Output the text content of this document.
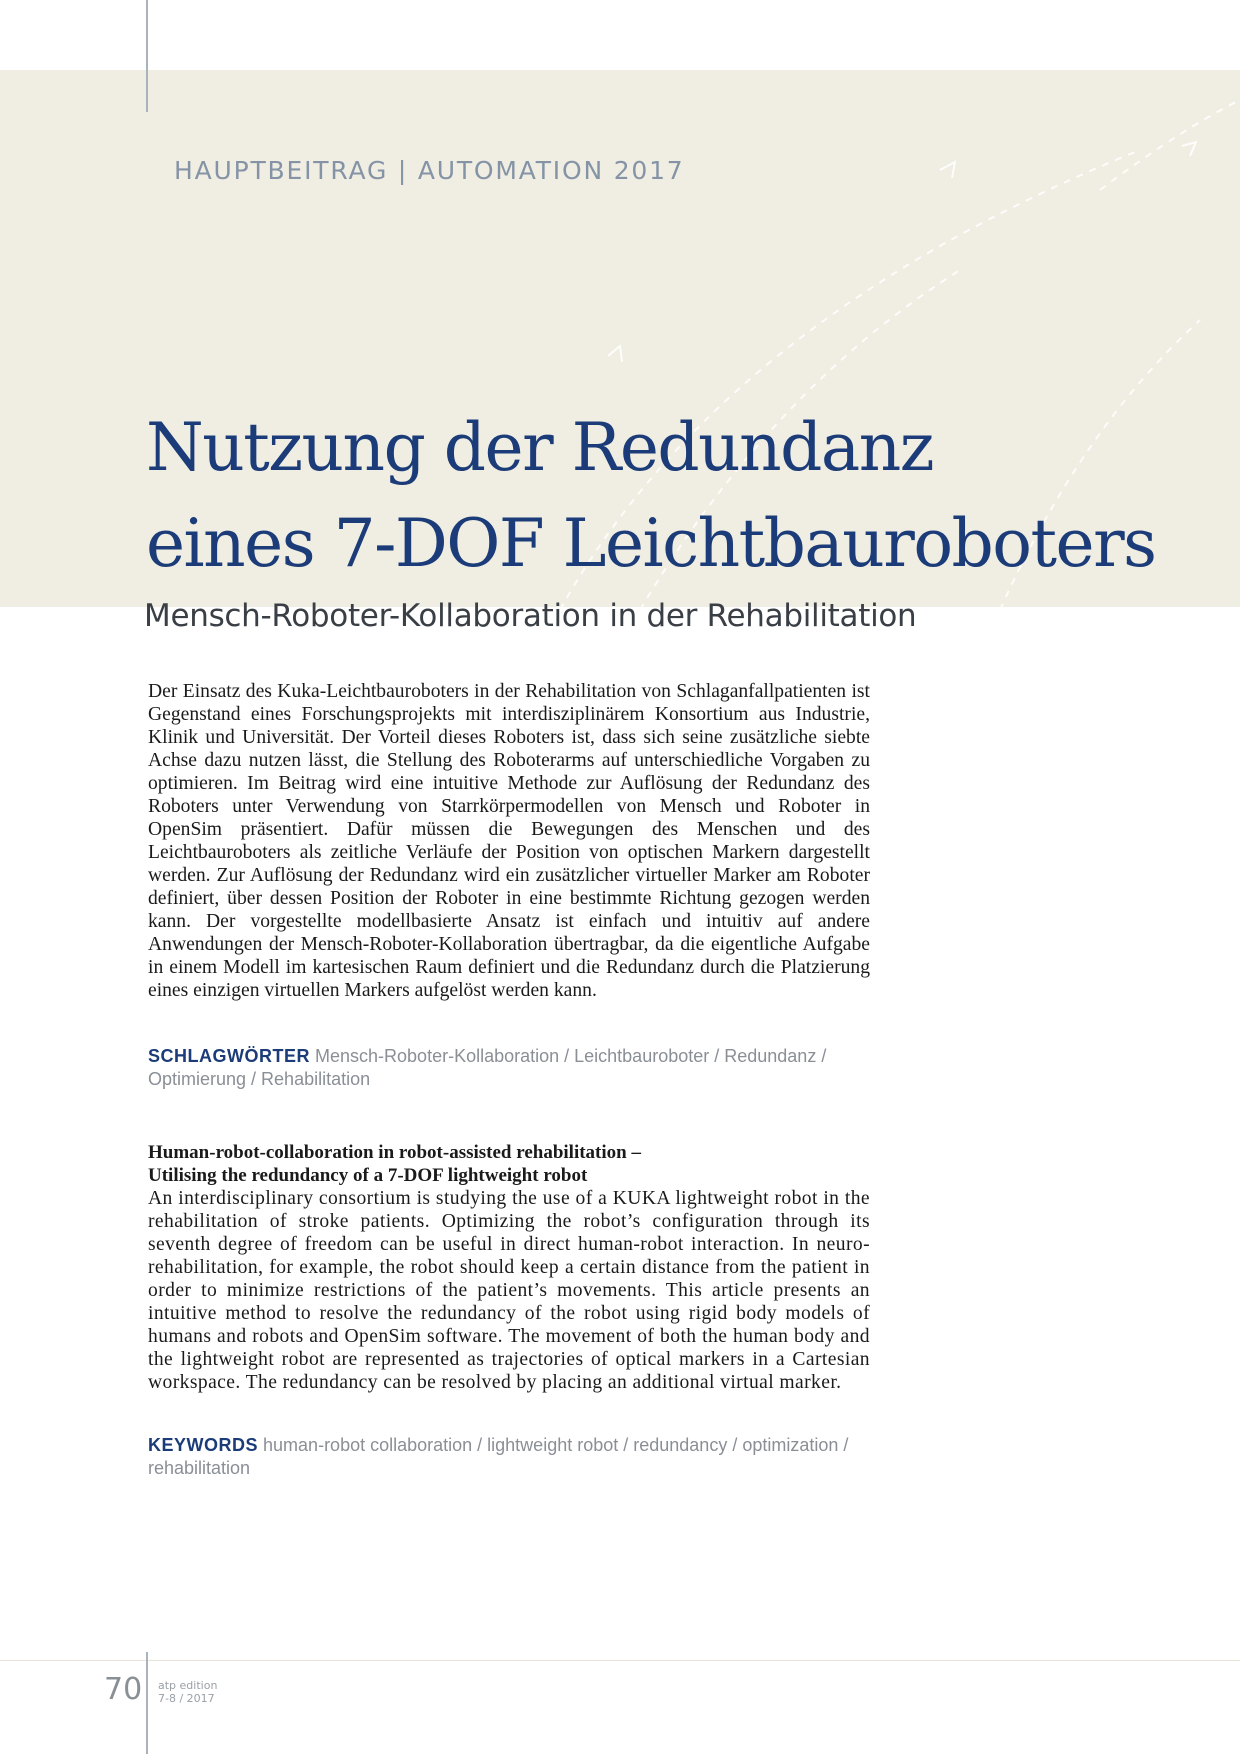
HAUPTBEITRAG | AUTOMATION 2017

Nutzung der Redundanz
eines 7-DOF Leichtbauroboters

Mensch-Roboter-Kollaboration in der Rehabilitation

Der Einsatz des Kuka-Leichtbauroboters in der Rehabilitation von Schlaganfallpatienten ist Gegenstand eines Forschungsprojekts mit interdisziplinärem Konsortium aus Industrie, Klinik und Universität. Der Vorteil dieses Roboters ist, dass sich seine zusätzliche siebte Achse dazu nutzen lässt, die Stellung des Roboterarms auf unterschiedliche Vorgaben zu optimieren. Im Beitrag wird eine intuitive Methode zur Auflösung der Redundanz des Roboters unter Verwendung von Starrkörpermodellen von Mensch und Roboter in OpenSim präsentiert. Dafür müssen die Bewegungen des Menschen und des Leichtbauroboters als zeitliche Verläufe der Position von optischen Markern dargestellt werden. Zur Auflösung der Redundanz wird ein zusätzlicher virtueller Marker am Roboter definiert, über dessen Position der Roboter in eine bestimmte Richtung gezogen werden kann. Der vorgestellte modellbasierte Ansatz ist einfach und intuitiv auf andere Anwendungen der Mensch-Roboter-Kollaboration übertragbar, da die eigentliche Aufgabe in einem Modell im kartesischen Raum definiert und die Redundanz durch die Platzierung eines einzigen virtuellen Markers aufgelöst werden kann.

SCHLAGWÖRTER Mensch-Roboter-Kollaboration / Leichtbauroboter / Redundanz / Optimierung / Rehabilitation

Human-robot-collaboration in robot-assisted rehabilitation –
Utilising the redundancy of a 7-DOF lightweight robot

An interdisciplinary consortium is studying the use of a KUKA lightweight robot in the rehabilitation of stroke patients. Optimizing the robot’s configuration through its seventh degree of freedom can be useful in direct human-robot interaction. In neuro-rehabilitation, for example, the robot should keep a certain distance from the patient in order to minimize restrictions of the patient’s movements. This article presents an intuitive method to resolve the redundancy of the robot using rigid body models of humans and robots and OpenSim software. The movement of both the human body and the lightweight robot are represented as trajectories of optical markers in a Cartesian workspace. The redundancy can be resolved by placing an additional virtual marker.

KEYWORDS human-robot collaboration / lightweight robot / redundancy / optimization / rehabilitation

70 atp edition
7-8 / 2017
